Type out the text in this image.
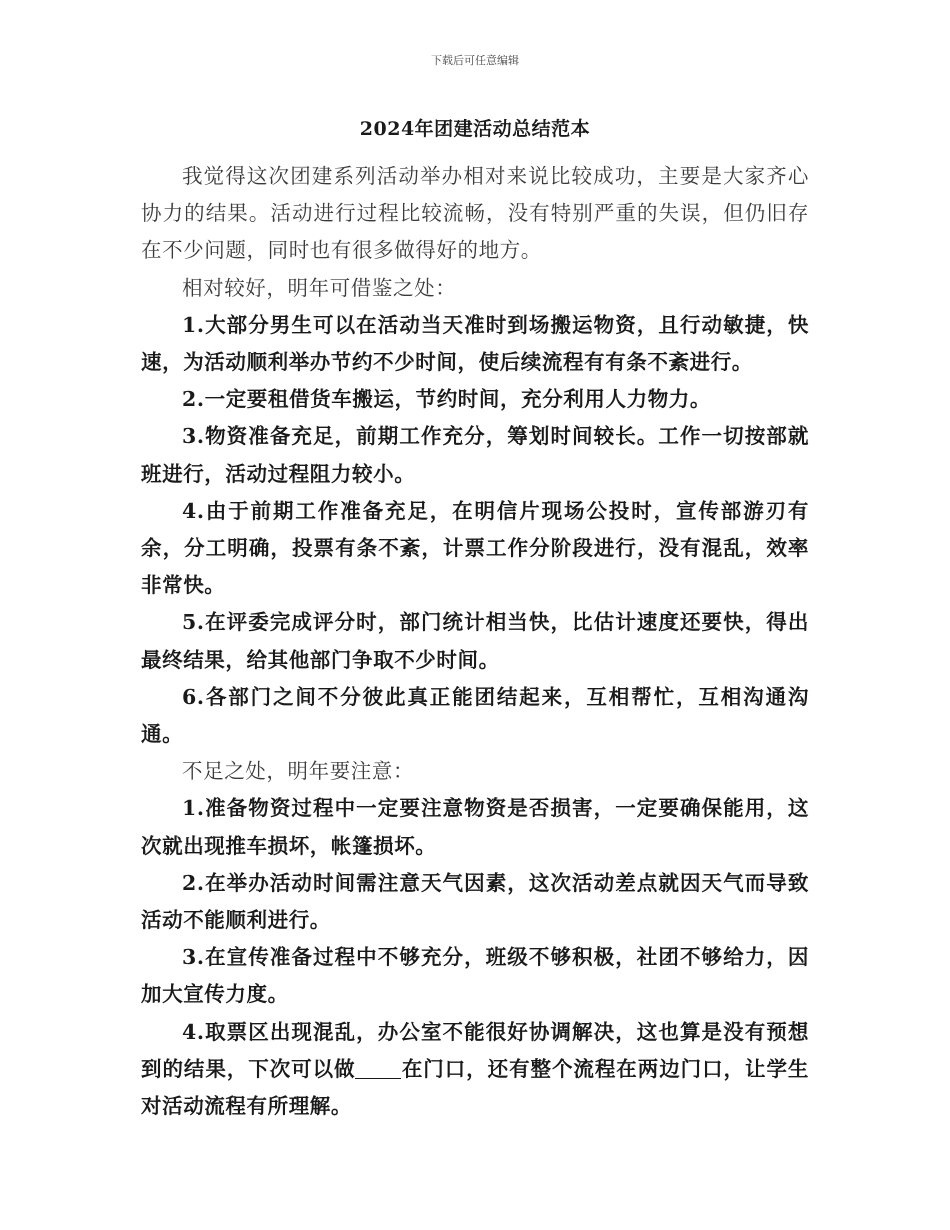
下载后可任意编辑
2024年团建活动总结范本

我觉得这次团建系列活动举办相对来说比较成功，主要是大家齐心协力的结果。活动进行过程比较流畅，没有特别严重的失误，但仍旧存在不少问题，同时也有很多做得好的地方。

相对较好，明年可借鉴之处：

1.大部分男生可以在活动当天准时到场搬运物资，且行动敏捷，快速，为活动顺利举办节约不少时间，使后续流程有有条不紊进行。

2.一定要租借货车搬运，节约时间，充分利用人力物力。

3.物资准备充足，前期工作充分，筹划时间较长。工作一切按部就班进行，活动过程阻力较小。

4.由于前期工作准备充足，在明信片现场公投时，宣传部游刃有余，分工明确，投票有条不紊，计票工作分阶段进行，没有混乱，效率非常快。

5.在评委完成评分时，部门统计相当快，比估计速度还要快，得出最终结果，给其他部门争取不少时间。

6.各部门之间不分彼此真正能团结起来，互相帮忙，互相沟通沟通。

不足之处，明年要注意：

1.准备物资过程中一定要注意物资是否损害，一定要确保能用，这次就出现推车损坏，帐篷损坏。

2.在举办活动时间需注意天气因素，这次活动差点就因天气而导致活动不能顺利进行。

3.在宣传准备过程中不够充分，班级不够积极，社团不够给力，因加大宣传力度。

4.取票区出现混乱，办公室不能很好协调解决，这也算是没有预想到的结果，下次可以做 在门口，还有整个流程在两边门口，让学生对活动流程有所理解。
